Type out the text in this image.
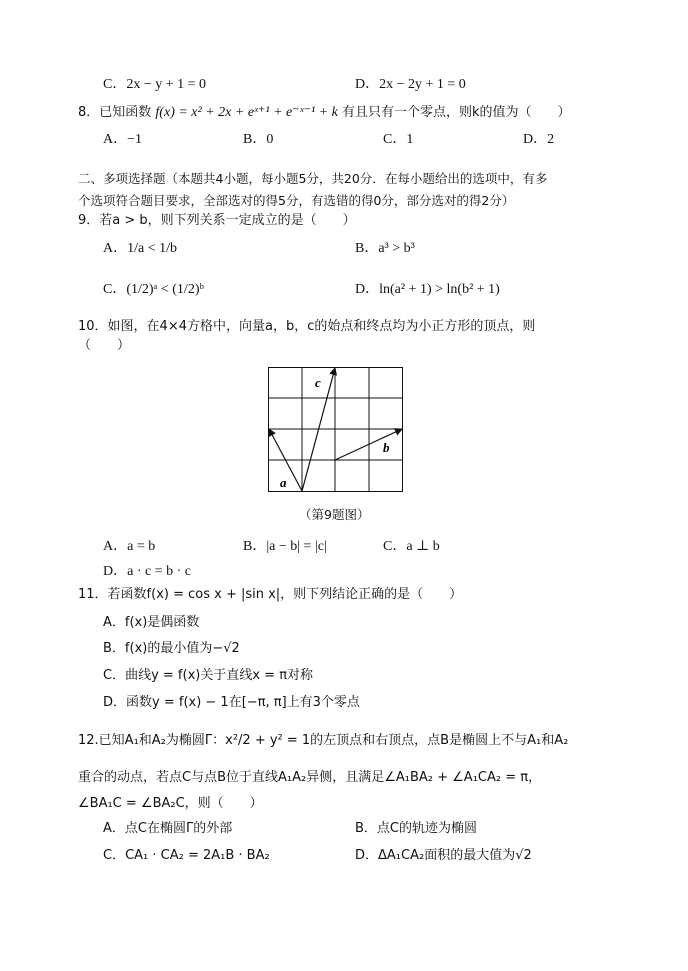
C．2x − y + 1 = 0	D．2x − 2y + 1 = 0
8．已知函数 f(x) = x² + 2x + eˣ⁺¹ + e⁻ˣ⁻¹ + k 有且只有一个零点，则k的值为（　　）
A．−1	B．0	C．1	D．2
二、多项选择题（本题共4小题，每小题5分，共20分．在每小题给出的选项中，有多
个选项符合题目要求，全部选对的得5分，有选错的得0分，部分选对的得2分）
9．若a > b，则下列关系一定成立的是（　　）
A．1/a < 1/b	B．a³ > b³
C．(1/2)ᵃ < (1/2)ᵇ	D．ln(a² + 1) > ln(b² + 1)
10．如图，在4×4方格中，向量a，b，c的始点和终点均为小正方形的顶点，则
（　　）
a
b
c
（第9题图）
A．a = b	B．|a − b| = |c|	C．a ⊥ b
D．a · c = b · c
11．若函数f(x) = cos x + |sin x|，则下列结论正确的是（　　）
A．f(x)是偶函数
B．f(x)的最小值为−√2
C．曲线y = f(x)关于直线x = π对称
D．函数y = f(x) − 1在[−π, π]上有3个零点
12.已知A₁和A₂为椭圆Γ：x²/2 + y² = 1的左顶点和右顶点，点B是椭圆上不与A₁和A₂
重合的动点，若点C与点B位于直线A₁A₂异侧，且满足∠A₁BA₂ + ∠A₁CA₂ = π，
∠BA₁C = ∠BA₂C，则（　　）
A．点C在椭圆Γ的外部	B．点C的轨迹为椭圆
C．CA₁ · CA₂ = 2A₁B · BA₂	D．ΔA₁CA₂面积的最大值为√2
